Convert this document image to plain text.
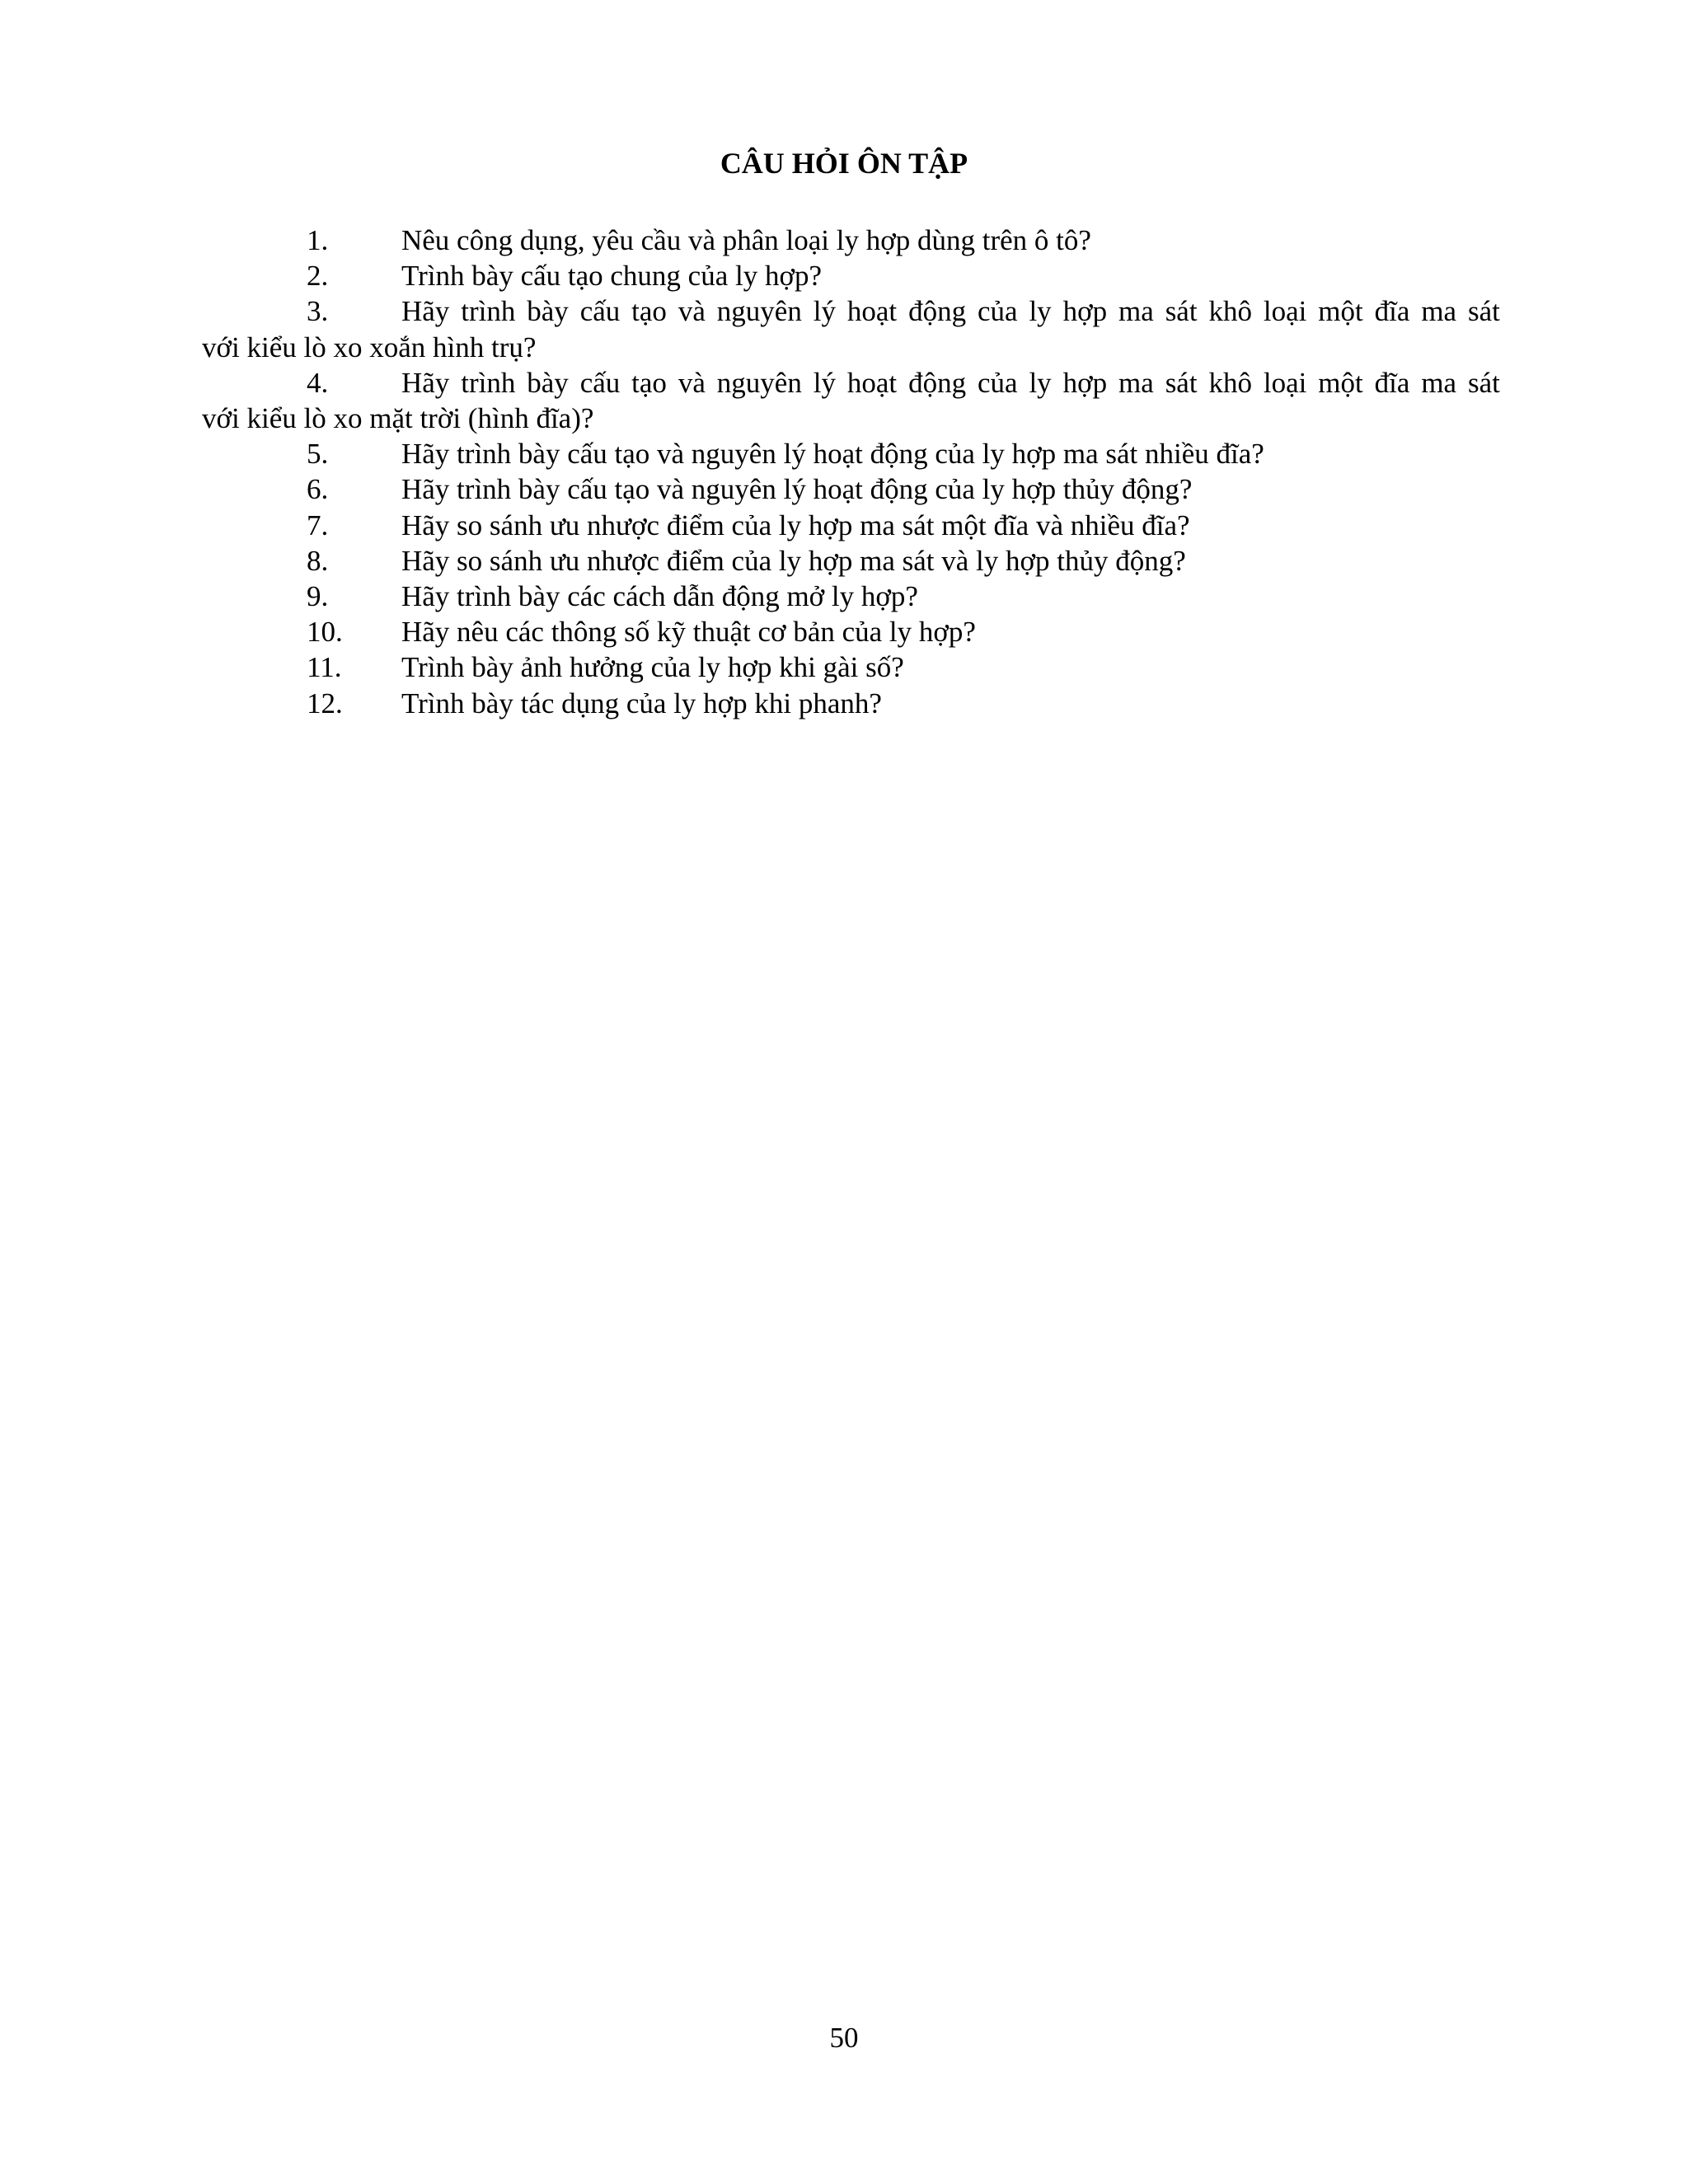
CÂU HỎI ÔN TẬP
1.	Nêu công dụng, yêu cầu và phân loại ly hợp dùng trên ô tô?
2.	Trình bày cấu tạo chung của ly hợp?
3.	Hãy trình bày cấu tạo và nguyên lý hoạt động của ly hợp ma sát khô loại một đĩa ma sát
với kiểu lò xo xoắn hình trụ?
4.	Hãy trình bày cấu tạo và nguyên lý hoạt động của ly hợp ma sát khô loại một đĩa ma sát
với kiểu lò xo mặt trời (hình đĩa)?
5.	Hãy trình bày cấu tạo và nguyên lý hoạt động của ly hợp ma sát nhiều đĩa?
6.	Hãy trình bày cấu tạo và nguyên lý hoạt động của ly hợp thủy động?
7.	Hãy so sánh ưu nhược điểm của ly hợp ma sát một đĩa và nhiều đĩa?
8.	Hãy so sánh ưu nhược điểm của ly hợp ma sát và ly hợp thủy động?
9.	Hãy trình bày các cách dẫn động mở ly hợp?
10. Hãy nêu các thông số kỹ thuật cơ bản của ly hợp?
11. Trình bày ảnh hưởng của ly hợp khi gài số?
12. Trình bày tác dụng của ly hợp khi phanh?
50
